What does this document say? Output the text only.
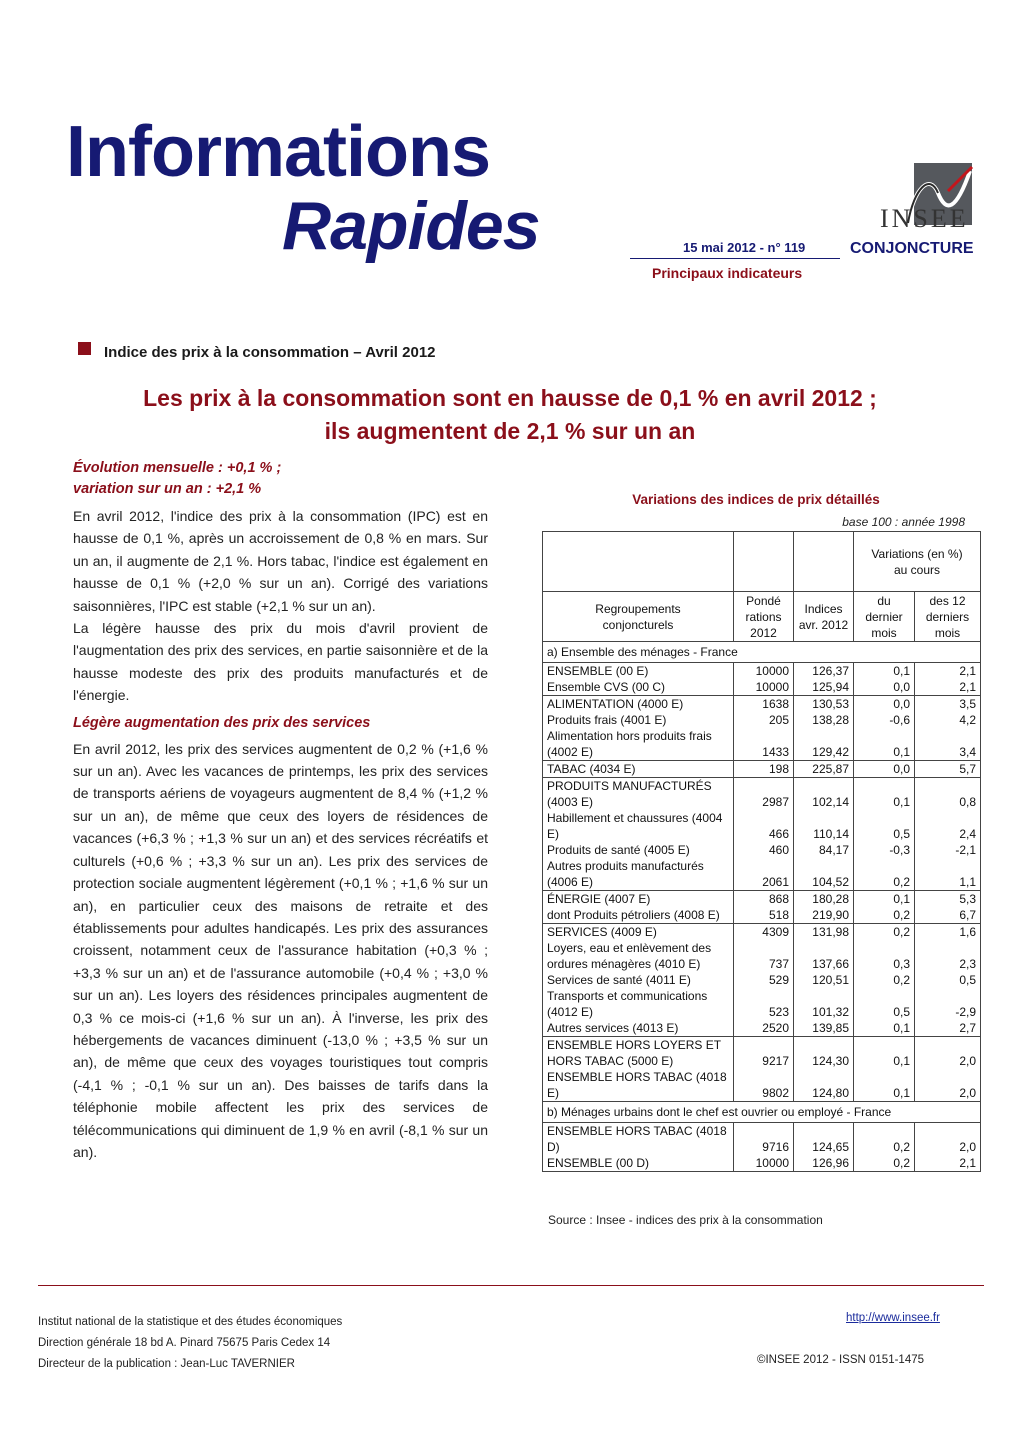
Informations
Rapides	15 mai 2012 - n° 119
Principaux indicateurs
INSEE
CONJONCTURE
Indice des prix à la consommation – Avril 2012
Les prix à la consommation sont en hausse de 0,1 % en avril 2012 ;
ils augmentent de 2,1 % sur un an

Évolution mensuelle : +0,1 % ;

variation sur un an : +2,1 %

En avril 2012, l'indice des prix à la consommation (IPC) est en hausse de 0,1 %, après un accroissement de 0,8 % en mars. Sur un an, il augmente de 2,1 %. Hors tabac, l'indice est également en hausse de 0,1 % (+2,0 % sur un an). Corrigé des variations saisonnières, l'IPC est stable (+2,1 % sur un an).

La légère hausse des prix du mois d'avril provient de l'augmentation des prix des services, en partie saisonnière et de la hausse modeste des prix des produits manufacturés et de l'énergie.

Légère augmentation des prix des services

En avril 2012, les prix des services augmentent de 0,2 % (+1,6 % sur un an). Avec les vacances de printemps, les prix des services de transports aériens de voyageurs augmentent de 8,4 % (+1,2 % sur un an), de même que ceux des loyers de résidences de vacances (+6,3 % ; +1,3 % sur un an) et des services récréatifs et culturels (+0,6 % ; +3,3 % sur un an). Les prix des services de protection sociale augmentent légèrement (+0,1 % ; +1,6 % sur un an), en particulier ceux des maisons de retraite et des établissements pour adultes handicapés. Les prix des assurances croissent, notamment ceux de l'assurance habitation (+0,3 % ; +3,3 % sur un an) et de l'assurance automobile (+0,4 % ; +3,0 % sur un an). Les loyers des résidences principales augmentent de 0,3 % ce mois-ci (+1,6 % sur un an). À l'inverse, les prix des hébergements de vacances diminuent (-13,0 % ; +3,5 % sur un an), de même que ceux des voyages touristiques tout compris (-4,1 % ; -0,1 % sur un an). Des baisses de tarifs dans la téléphonie mobile affectent les prix des services de télécommunications qui diminuent de 1,9 % en avril (-8,1 % sur un an).

Variations des indices de prix détaillés
base 100 : année 1998
			Variations (en %) au cours	
Regroupements conjoncturels	Pondé rations 2012	Indices avr. 2012	du dernier mois	des 12 derniers mois
a) Ensemble des ménages - France				
ENSEMBLE (00 E)	10000	126,37	0,1	2,1
Ensemble CVS (00 C)	10000	125,94	0,0	2,1
ALIMENTATION (4000 E)	1638	130,53	0,0	3,5
Produits frais (4001 E)	205	138,28	-0,6	4,2
Alimentation hors produits frais (4002 E)	1433	129,42	0,1	3,4
TABAC (4034 E)	198	225,87	0,0	5,7
PRODUITS MANUFACTURÉS (4003 E)	2987	102,14	0,1	0,8
Habillement et chaussures (4004 E)	466	110,14	0,5	2,4
Produits de santé (4005 E)	460	84,17	-0,3	-2,1
Autres produits manufacturés (4006 E)	2061	104,52	0,2	1,1
ÉNERGIE (4007 E)	868	180,28	0,1	5,3
dont Produits pétroliers (4008 E)	518	219,90	0,2	6,7
SERVICES (4009 E)	4309	131,98	0,2	1,6
Loyers, eau et enlèvement des ordures ménagères (4010 E)	737	137,66	0,3	2,3
Services de santé (4011 E)	529	120,51	0,2	0,5
Transports et communications (4012 E)	523	101,32	0,5	-2,9
Autres services (4013 E)	2520	139,85	0,1	2,7
ENSEMBLE HORS LOYERS ET HORS TABAC (5000 E)	9217	124,30	0,1	2,0
ENSEMBLE HORS TABAC (4018 E)	9802	124,80	0,1	2,0
b) Ménages urbains dont le chef est ouvrier ou employé - France				
ENSEMBLE HORS TABAC (4018 D)	9716	124,65	0,2	2,0
ENSEMBLE (00 D)	10000	126,96	0,2	2,1
Source : Insee - indices des prix à la consommation
Institut national de la statistique et des études économiques
Direction générale 18 bd A. Pinard 75675 Paris Cedex 14
Directeur de la publication : Jean-Luc TAVERNIER
http://www.insee.fr
©INSEE 2012 - ISSN 0151-1475
